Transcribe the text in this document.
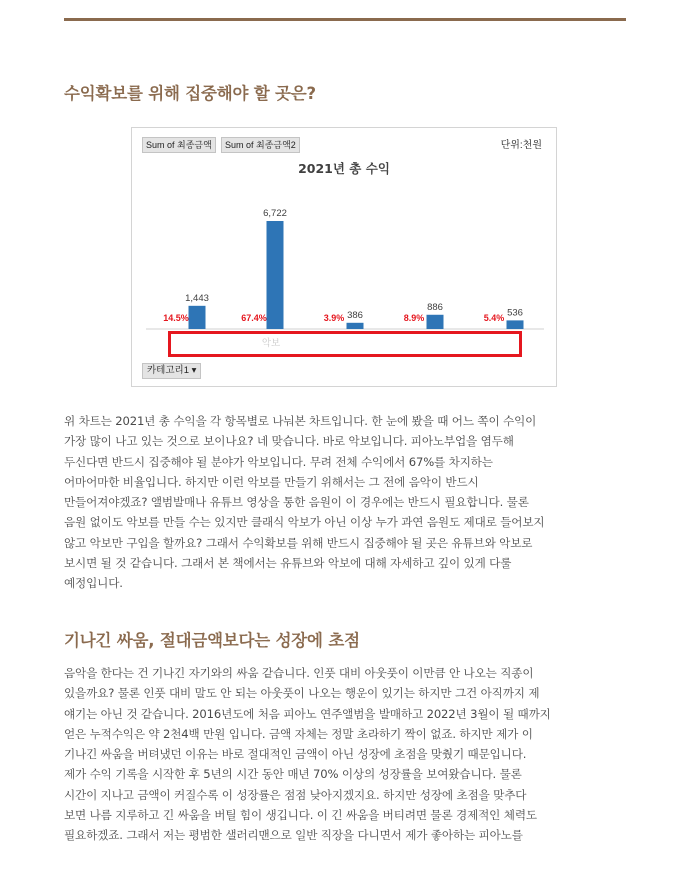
수익확보를 위해 집중해야 할 곳은?
Sum of 최종금액	Sum of 최종금액2	단위:천원
2021년 총 수익
1,443
14.5%
6,722
67.4%
악보
386
3.9%
886
8.9%	536
5.4%
카테고리1 ▾
위 차트는 2021년 총 수익을 각 항목별로 나눠본 차트입니다. 한 눈에 봤을 때 어느 쪽이 수익이
가장 많이 나고 있는 것으로 보이나요? 네 맞습니다. 바로 악보입니다. 피아노부업을 염두해
두신다면 반드시 집중해야 될 분야가 악보입니다. 무려 전체 수익에서 67%를 차지하는
어마어마한 비율입니다. 하지만 이런 악보를 만들기 위해서는 그 전에 음악이 반드시
만들어져야겠죠? 앨범발매나 유튜브 영상을 통한 음원이 이 경우에는 반드시 필요합니다. 물론
음원 없이도 악보를 만들 수는 있지만 클래식 악보가 아닌 이상 누가 과연 음원도 제대로 들어보지
않고 악보만 구입을 할까요? 그래서 수익확보를 위해 반드시 집중해야 될 곳은 유튜브와 악보로
보시면 될 것 같습니다. 그래서 본 책에서는 유튜브와 악보에 대해 자세하고 깊이 있게 다룰
예정입니다.
기나긴 싸움, 절대금액보다는 성장에 초점
음악을 한다는 건 기나긴 자기와의 싸움 같습니다. 인풋 대비 아웃풋이 이만큼 안 나오는 직종이
있을까요? 물론 인풋 대비 말도 안 되는 아웃풋이 나오는 행운이 있기는 하지만 그건 아직까지 제
얘기는 아닌 것 같습니다. 2016년도에 처음 피아노 연주앨범을 발매하고 2022년 3월이 될 때까지
얻은 누적수익은 약 2천4백 만원 입니다. 금액 자체는 정말 초라하기 짝이 없죠. 하지만 제가 이
기나긴 싸움을 버텨냈던 이유는 바로 절대적인 금액이 아닌 성장에 초점을 맞췄기 때문입니다.
제가 수익 기록을 시작한 후 5년의 시간 동안 매년 70% 이상의 성장률을 보여왔습니다. 물론
시간이 지나고 금액이 커질수록 이 성장률은 점점 낮아지겠지요. 하지만 성장에 초점을 맞추다
보면 나름 지루하고 긴 싸움을 버틸 힘이 생깁니다. 이 긴 싸움을 버티려면 물론 경제적인 체력도
필요하겠죠. 그래서 저는 평범한 샐러리맨으로 일반 직장을 다니면서 제가 좋아하는 피아노를
